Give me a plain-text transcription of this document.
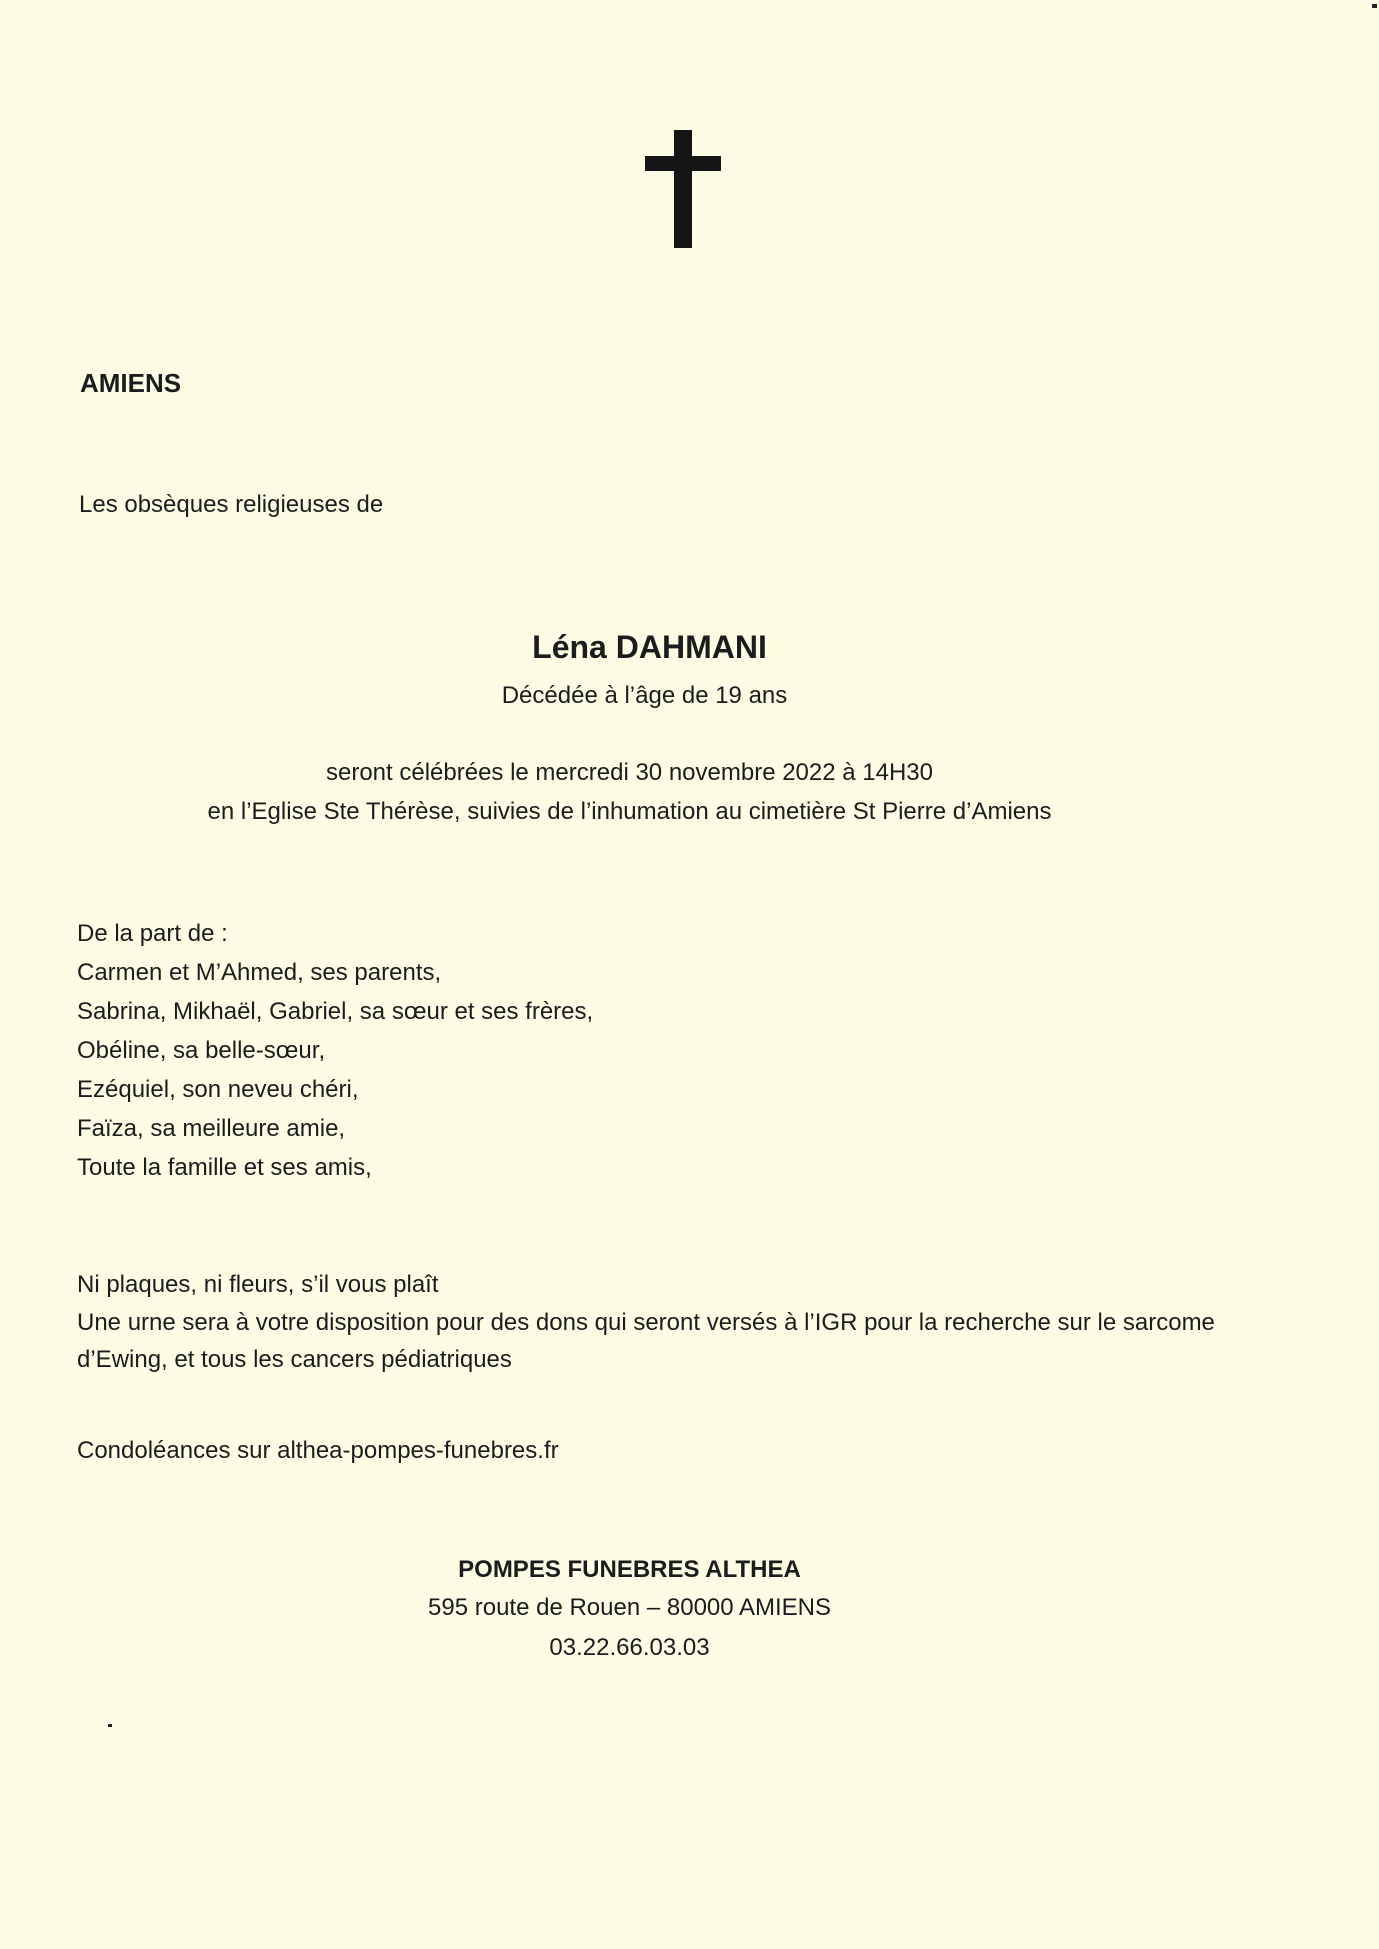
AMIENS
Les obsèques religieuses de
Léna DAHMANI
Décédée à l’âge de 19 ans
seront célébrées le mercredi 30 novembre 2022 à 14H30
en l’Eglise Ste Thérèse, suivies de l’inhumation au cimetière St Pierre d’Amiens
De la part de :
Carmen et M’Ahmed, ses parents,
Sabrina, Mikhaël, Gabriel, sa sœur et ses frères,
Obéline, sa belle-sœur,
Ezéquiel, son neveu chéri,
Faïza, sa meilleure amie,
Toute la famille et ses amis,
Ni plaques, ni fleurs, s’il vous plaît
Une urne sera à votre disposition pour des dons qui seront versés à l’IGR pour la recherche sur le sarcome
d’Ewing, et tous les cancers pédiatriques
Condoléances sur althea-pompes-funebres.fr
POMPES FUNEBRES ALTHEA
595 route de Rouen – 80000 AMIENS
03.22.66.03.03
